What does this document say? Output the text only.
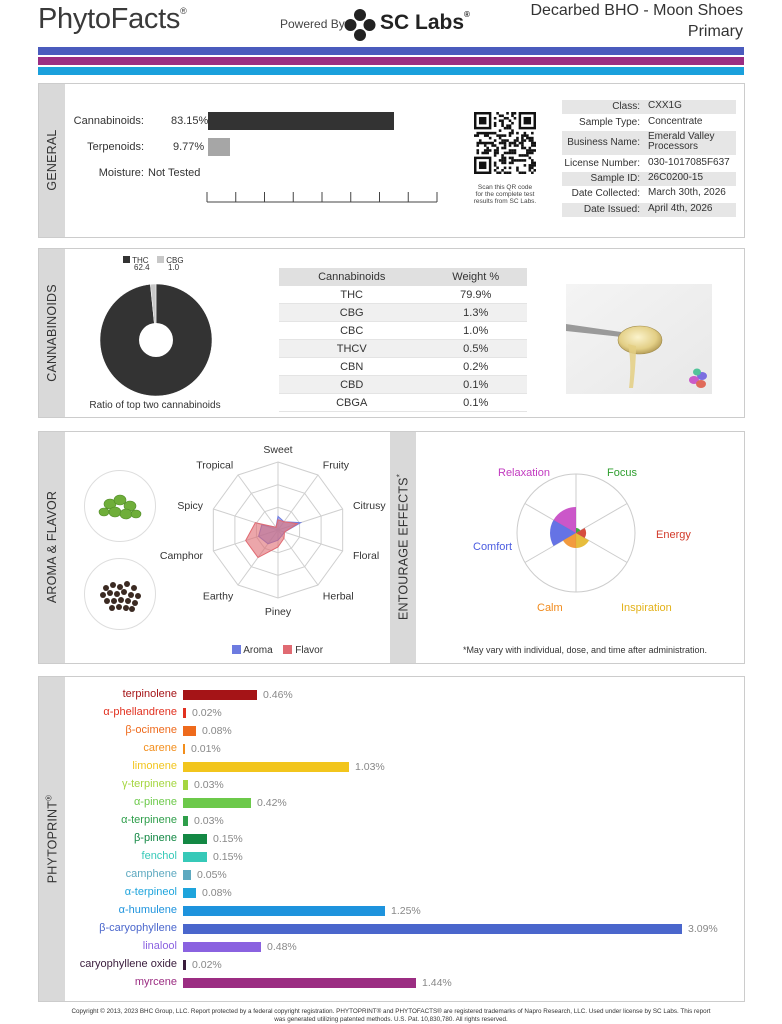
PhytoFacts®
Powered By SC Labs®	Decarbed BHO - Moon Shoes
Primary
GENERAL
Cannabinoids: 83.15%
Terpenoids:	9.77%
Moisture: Not Tested
Scan this QR code
for the complete test
results from SC Labs.
Class: CXX1G
Sample Type: Concentrate
Business Name:
Emerald Valley Processors
License Number: 030-1017085F637
Sample ID: 26C0200-15
Date Collected: March 30th, 2026
Date Issued: April 4th, 2026
CANNABINOIDS
THC
62.4
CBG
1.0
Ratio of top two cannabinoids
Cannabinoids	Weight %
THC	79.9%
CBG	1.3%
CBC	1.0%
THCV	0.5%
CBN	0.2%
CBD	0.1%
CBGA	0.1%
AROMA & FLAVOR
Sweet
Fruity
Citrusy
Floral
Herbal
Piney
Earthy
Camphor
Spicy
Tropical
Aroma Flavor
ENTOURAGE EFFECTS*	Relaxation	Focus
Energy
Inspiration
Calm
Comfort
*May vary with individual, dose, and time after administration.
PHYTOPRINT®
terpinolene	0.46%
α-phellandrene 0.02%
β-ocimene 0.08%
carene 0.01%
limonene	1.03%
γ-terpinene 0.03%
α-pinene	0.42%
α-terpinene 0.03%
β-pinene	0.15%
fenchol	0.15%
camphene 0.05%
α-terpineol 0.08%
α-humulene	1.25%
β-caryophyllene	3.09%
linalool	0.48%
caryophyllene oxide 0.02%
myrcene	1.44%
Copyright © 2013, 2023 BHC Group, LLC. Report protected by a federal copyright registration. PHYTOPRINT® and PHYTOFACTS® are registered trademarks of Napro Research, LLC. Used under license by SC Labs. This report
was generated utilizing patented methods. U.S. Pat. 10,830,780. All rights reserved.
